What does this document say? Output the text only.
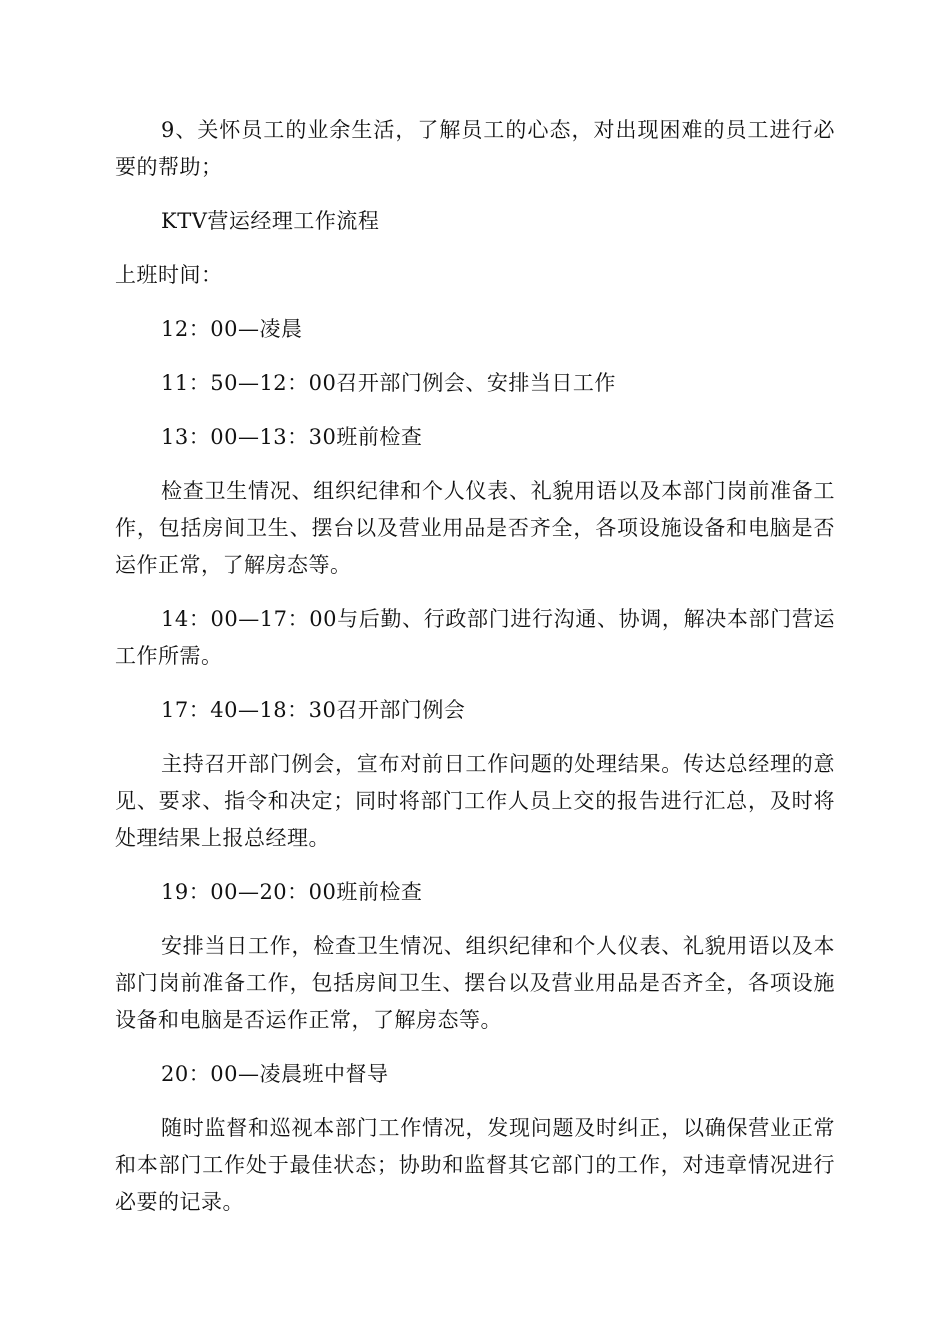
9、关怀员工的业余生活，了解员工的心态，对出现困难的员工进行必要的帮助；

KTV营运经理工作流程

上班时间：

12：00—凌晨

11：50—12：00召开部门例会、安排当日工作

13：00—13：30班前检查

检查卫生情况、组织纪律和个人仪表、礼貌用语以及本部门岗前准备工作，包括房间卫生、摆台以及营业用品是否齐全，各项设施设备和电脑是否运作正常，了解房态等。

14：00—17：00与后勤、行政部门进行沟通、协调，解决本部门营运工作所需。

17：40—18：30召开部门例会

主持召开部门例会，宣布对前日工作问题的处理结果。传达总经理的意见、要求、指令和决定；同时将部门工作人员上交的报告进行汇总，及时将处理结果上报总经理。

19：00—20：00班前检查

安排当日工作，检查卫生情况、组织纪律和个人仪表、礼貌用语以及本部门岗前准备工作，包括房间卫生、摆台以及营业用品是否齐全，各项设施设备和电脑是否运作正常，了解房态等。

20：00—凌晨班中督导

随时监督和巡视本部门工作情况，发现问题及时纠正，以确保营业正常和本部门工作处于最佳状态；协助和监督其它部门的工作，对违章情况进行必要的记录。
